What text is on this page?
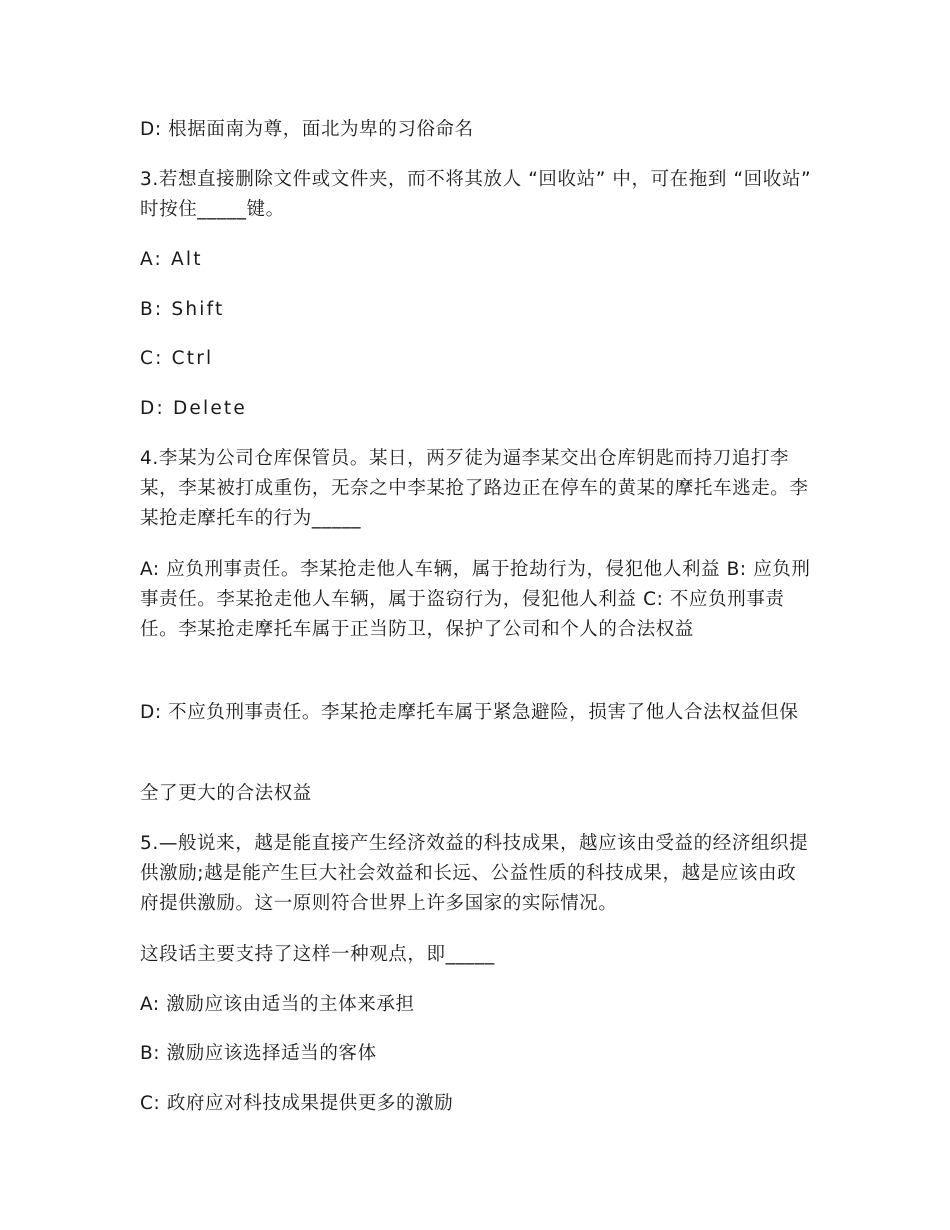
D: 根据面南为尊，面北为卑的习俗命名
3.若想直接删除文件或文件夹，而不将其放人 “回收站” 中，可在拖到 “回收站” 时按住_____键。
A: Alt
B: Shift
C: Ctrl
D: Delete
4.李某为公司仓库保管员。某日，两歹徒为逼李某交出仓库钥匙而持刀追打李某，李某被打成重伤，无奈之中李某抢了路边正在停车的黄某的摩托车逃走。李某抢走摩托车的行为_____
A: 应负刑事责任。李某抢走他人车辆，属于抢劫行为，侵犯他人利益 B: 应负刑事责任。李某抢走他人车辆，属于盗窃行为，侵犯他人利益 C: 不应负刑事责任。李某抢走摩托车属于正当防卫，保护了公司和个人的合法权益
D: 不应负刑事责任。李某抢走摩托车属于紧急避险，损害了他人合法权益但保
全了更大的合法权益
5.—般说来，越是能直接产生经济效益的科技成果，越应该由受益的经济组织提供激励;越是能产生巨大社会效益和长远、公益性质的科技成果，越是应该由政府提供激励。这一原则符合世界上许多国家的实际情况。
这段话主要支持了这样一种观点，即_____
A: 激励应该由适当的主体来承担
B: 激励应该选择适当的客体
C: 政府应对科技成果提供更多的激励
